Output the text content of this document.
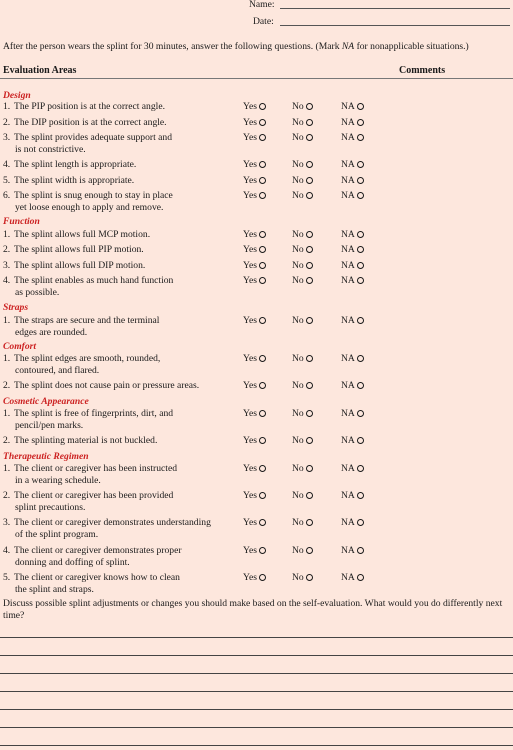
Name:
Date:
After the person wears the splint for 30 minutes, answer the following questions. (Mark NA for nonapplicable situations.)
Evaluation Areas	Comments
Design
1. The PIP position is at the correct angle.	Yes	No	NA
2. The DIP position is at the correct angle.	Yes	No	NA
3. The splint provides adequate support and
is not constrictive.
Yes	No	NA
4. The splint length is appropriate.	Yes	No	NA
5. The splint width is appropriate.	Yes	No	NA
6. The splint is snug enough to stay in place
yet loose enough to apply and remove.
Yes	No	NA
Function
1. The splint allows full MCP motion.	Yes	No	NA
2. The splint allows full PIP motion.	Yes	No	NA
3. The splint allows full DIP motion.	Yes	No	NA
4. The splint enables as much hand function
as possible.
Yes	No	NA
Straps
1. The straps are secure and the terminal
edges are rounded.
Yes	No	NA
Comfort
1. The splint edges are smooth, rounded,
contoured, and flared.
Yes	No	NA
2. The splint does not cause pain or pressure areas.	Yes	No	NA
Cosmetic Appearance
1. The splint is free of fingerprints, dirt, and
pencil/pen marks.
Yes	No	NA
2. The splinting material is not buckled.	Yes	No	NA
Therapeutic Regimen
1. The client or caregiver has been instructed
in a wearing schedule.
Yes	No	NA
2. The client or caregiver has been provided
splint precautions.
Yes	No	NA
3. The client or caregiver demonstrates understanding
of the splint program.
Yes	No	NA
4. The client or caregiver demonstrates proper
donning and doffing of splint.
Yes	No	NA
5. The client or caregiver knows how to clean
the splint and straps.
Yes	No	NA
Discuss possible splint adjustments or changes you should make based on the self-evaluation. What would you do differently next time?
